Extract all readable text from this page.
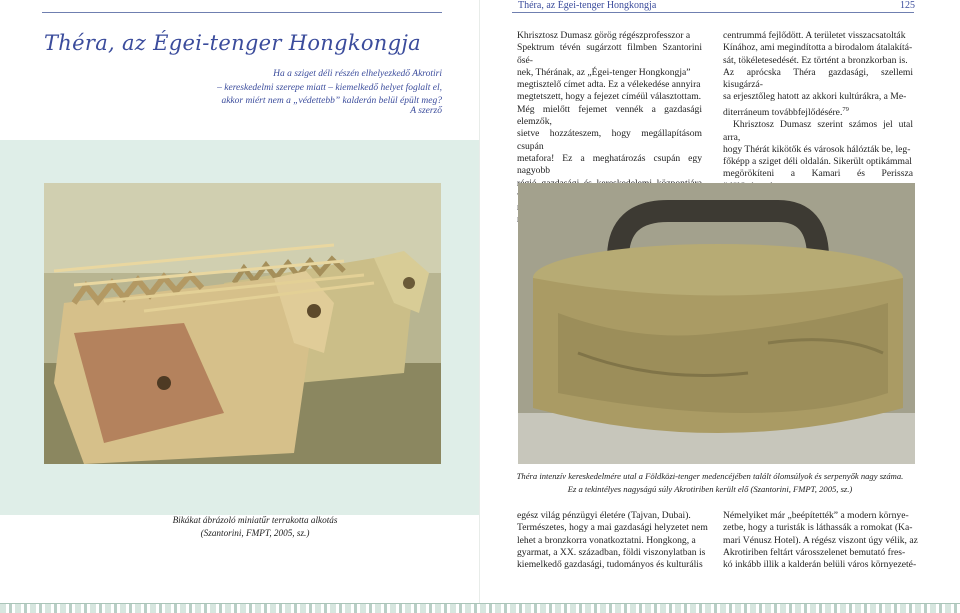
Théra, az Égei-tenger Hongkongja
Ha a sziget déli részén elhelyezkedő Akrotiri
– kereskedelmi szerepe miatt – kiemelkedő helyet foglalt el,
akkor miért nem a „védettebb” kalderán belül épült meg?
A szerző
Bikákat ábrázoló miniatűr terrakotta alkotás
(Szantorini, FMPT, 2005, sz.)
Théra, az Égei-tenger Hongkongja	125

Khrisztosz Dumasz görög régészprofesszor a

Spektrum tévén sugárzott filmben Szantorini ősé-

nek, Thérának, az „Égei-tenger Hongkongja”

megtisztelő címet adta. Ez a vélekedése annyira

megtetszett, hogy a fejezet címéül választottam.

Még mielőtt fejemet vennék a gazdasági elemzők,

sietve hozzáteszem, hogy megállapításom csupán

metafora! Ez a meghatározás csupán egy nagyobb

centrummá fejlődött. A területet visszacsatolták

Kínához, ami megindította a birodalom átalakítá-

sát, tökéletesedését. Ez történt a bronzkorban is.

Az aprócska Théra gazdasági, szellemi kisugárzá-

sa erjesztőleg hatott az akkori kultúrákra, a Me-

diterráneum továbbfejlődésére.$^{79}$

Khrisztosz Dumasz szerint számos jel utal arra,

hogy Thérát kikötők és városok hálózták be, leg-

főképp a sziget déli oldalán. Sikerült optikámmal

megörökíteni a Kamari és Perissza

egész világ pénzügyi életére (Tajvan, Dubai).

Természetes, hogy a mai gazdasági helyzetet nem

lehet a bronzkorra vonatkoztatni. Hongkong, a

gyarmat, a XX. században, földi viszonylatban is

kiemelkedő gazdasági, tudományos és kulturális

Némelyiket már „beépítették” a modern környe-

zetbe, hogy a turisták is láthassák a romokat (Ka-

mari Vénusz Hotel). A régész viszont úgy vélik, az

Akrotiriben feltárt városszelenet bemutató fres-

kó inkább illik a kalderán belüli város környezeté-

Théra intenzív kereskedelmére utal a Földközi-tenger medencéjében talált ólomsúlyok és serpenyők nagy száma.
Ez a tekintélyes nagyságú súly Akrotiriben került elő (Szantorini, FMPT, 2005, sz.)
